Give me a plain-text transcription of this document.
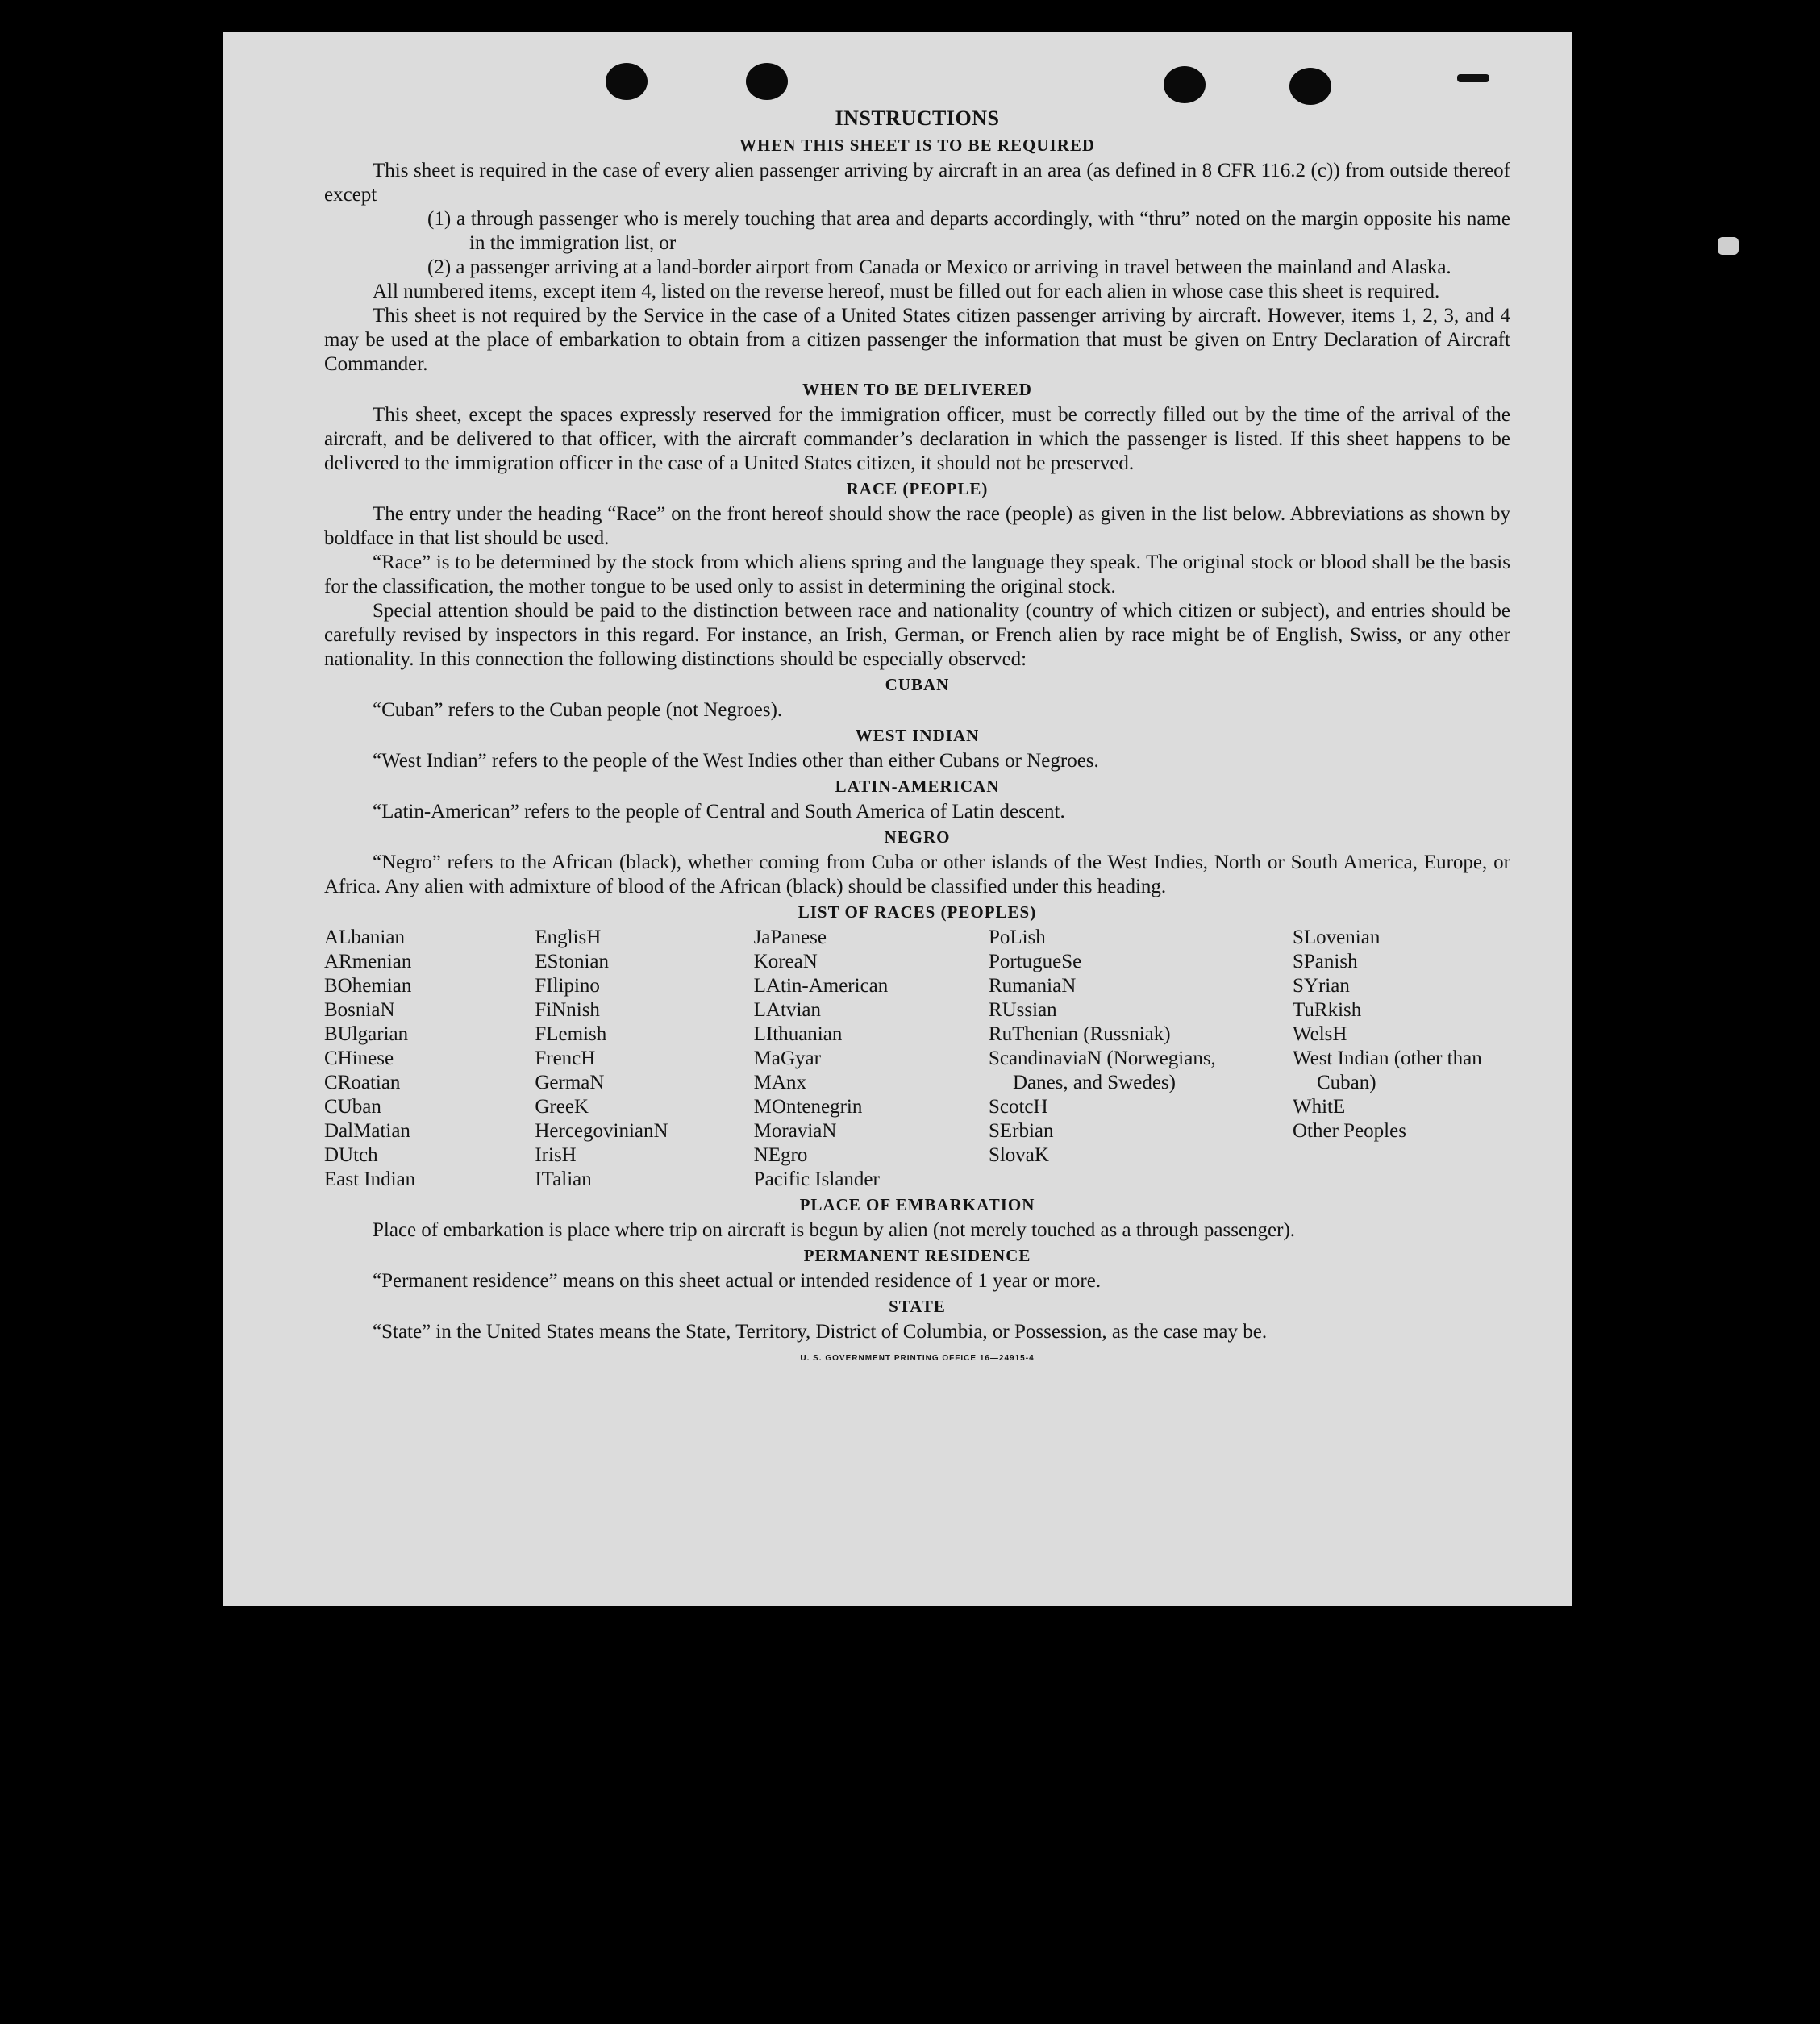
INSTRUCTIONS
WHEN THIS SHEET IS TO BE REQUIRED

This sheet is required in the case of every alien passenger arriving by aircraft in an area (as defined in 8 CFR 116.2 (c)) from outside thereof except

(1) a through passenger who is merely touching that area and departs accordingly, with “thru” noted on the margin opposite his name in the immigration list, or

(2) a passenger arriving at a land-border airport from Canada or Mexico or arriving in travel between the mainland and Alaska.

All numbered items, except item 4, listed on the reverse hereof, must be filled out for each alien in whose case this sheet is required.

This sheet is not required by the Service in the case of a United States citizen passenger arriving by aircraft. However, items 1, 2, 3, and 4 may be used at the place of embarkation to obtain from a citizen passenger the information that must be given on Entry Declaration of Aircraft Commander.

WHEN TO BE DELIVERED

This sheet, except the spaces expressly reserved for the immigration officer, must be correctly filled out by the time of the arrival of the aircraft, and be delivered to that officer, with the aircraft commander’s declaration in which the passenger is listed. If this sheet happens to be delivered to the immigration officer in the case of a United States citizen, it should not be preserved.

RACE (PEOPLE)

The entry under the heading “Race” on the front hereof should show the race (people) as given in the list below. Abbreviations as shown by boldface in that list should be used.

“Race” is to be determined by the stock from which aliens spring and the language they speak. The original stock or blood shall be the basis for the classification, the mother tongue to be used only to assist in determining the original stock.

Special attention should be paid to the distinction between race and nationality (country of which citizen or subject), and entries should be carefully revised by inspectors in this regard. For instance, an Irish, German, or French alien by race might be of English, Swiss, or any other nationality. In this connection the following distinctions should be especially observed:

CUBAN

“Cuban” refers to the Cuban people (not Negroes).

WEST INDIAN

“West Indian” refers to the people of the West Indies other than either Cubans or Negroes.

LATIN-AMERICAN

“Latin-American” refers to the people of Central and South America of Latin descent.

NEGRO

“Negro” refers to the African (black), whether coming from Cuba or other islands of the West Indies, North or South America, Europe, or Africa. Any alien with admixture of blood of the African (black) should be classified under this heading.

LIST OF RACES (PEOPLES)
ALbanian
ARmenian
BOhemian
BosniaN
BUlgarian
CHinese
CRoatian
CUban
DalMatian
DUtch
East Indian
EnglisH
EStonian
FIlipino
FiNnish
FLemish
FrencH
GermaN
GreeK
HercegovinianN
IrisH
ITalian
JaPanese
KoreaN
LAtin-American
LAtvian
LIthuanian
MaGyar
MAnx
MOntenegrin
MoraviaN
NEgro
Pacific Islander
PoLish
PortugueSe
RumaniaN
RUssian
RuThenian (Russniak)
ScandinaviaN (Norwegians, Danes, and Swedes)
ScotcH
SErbian
SlovaK
SLovenian
SPanish
SYrian
TuRkish
WelsH
West Indian (other than Cuban)
WhitE
Other Peoples
PLACE OF EMBARKATION

Place of embarkation is place where trip on aircraft is begun by alien (not merely touched as a through passenger).

PERMANENT RESIDENCE

“Permanent residence” means on this sheet actual or intended residence of 1 year or more.

STATE

“State” in the United States means the State, Territory, District of Columbia, or Possession, as the case may be.

U. S. GOVERNMENT PRINTING OFFICE 16—24915-4
